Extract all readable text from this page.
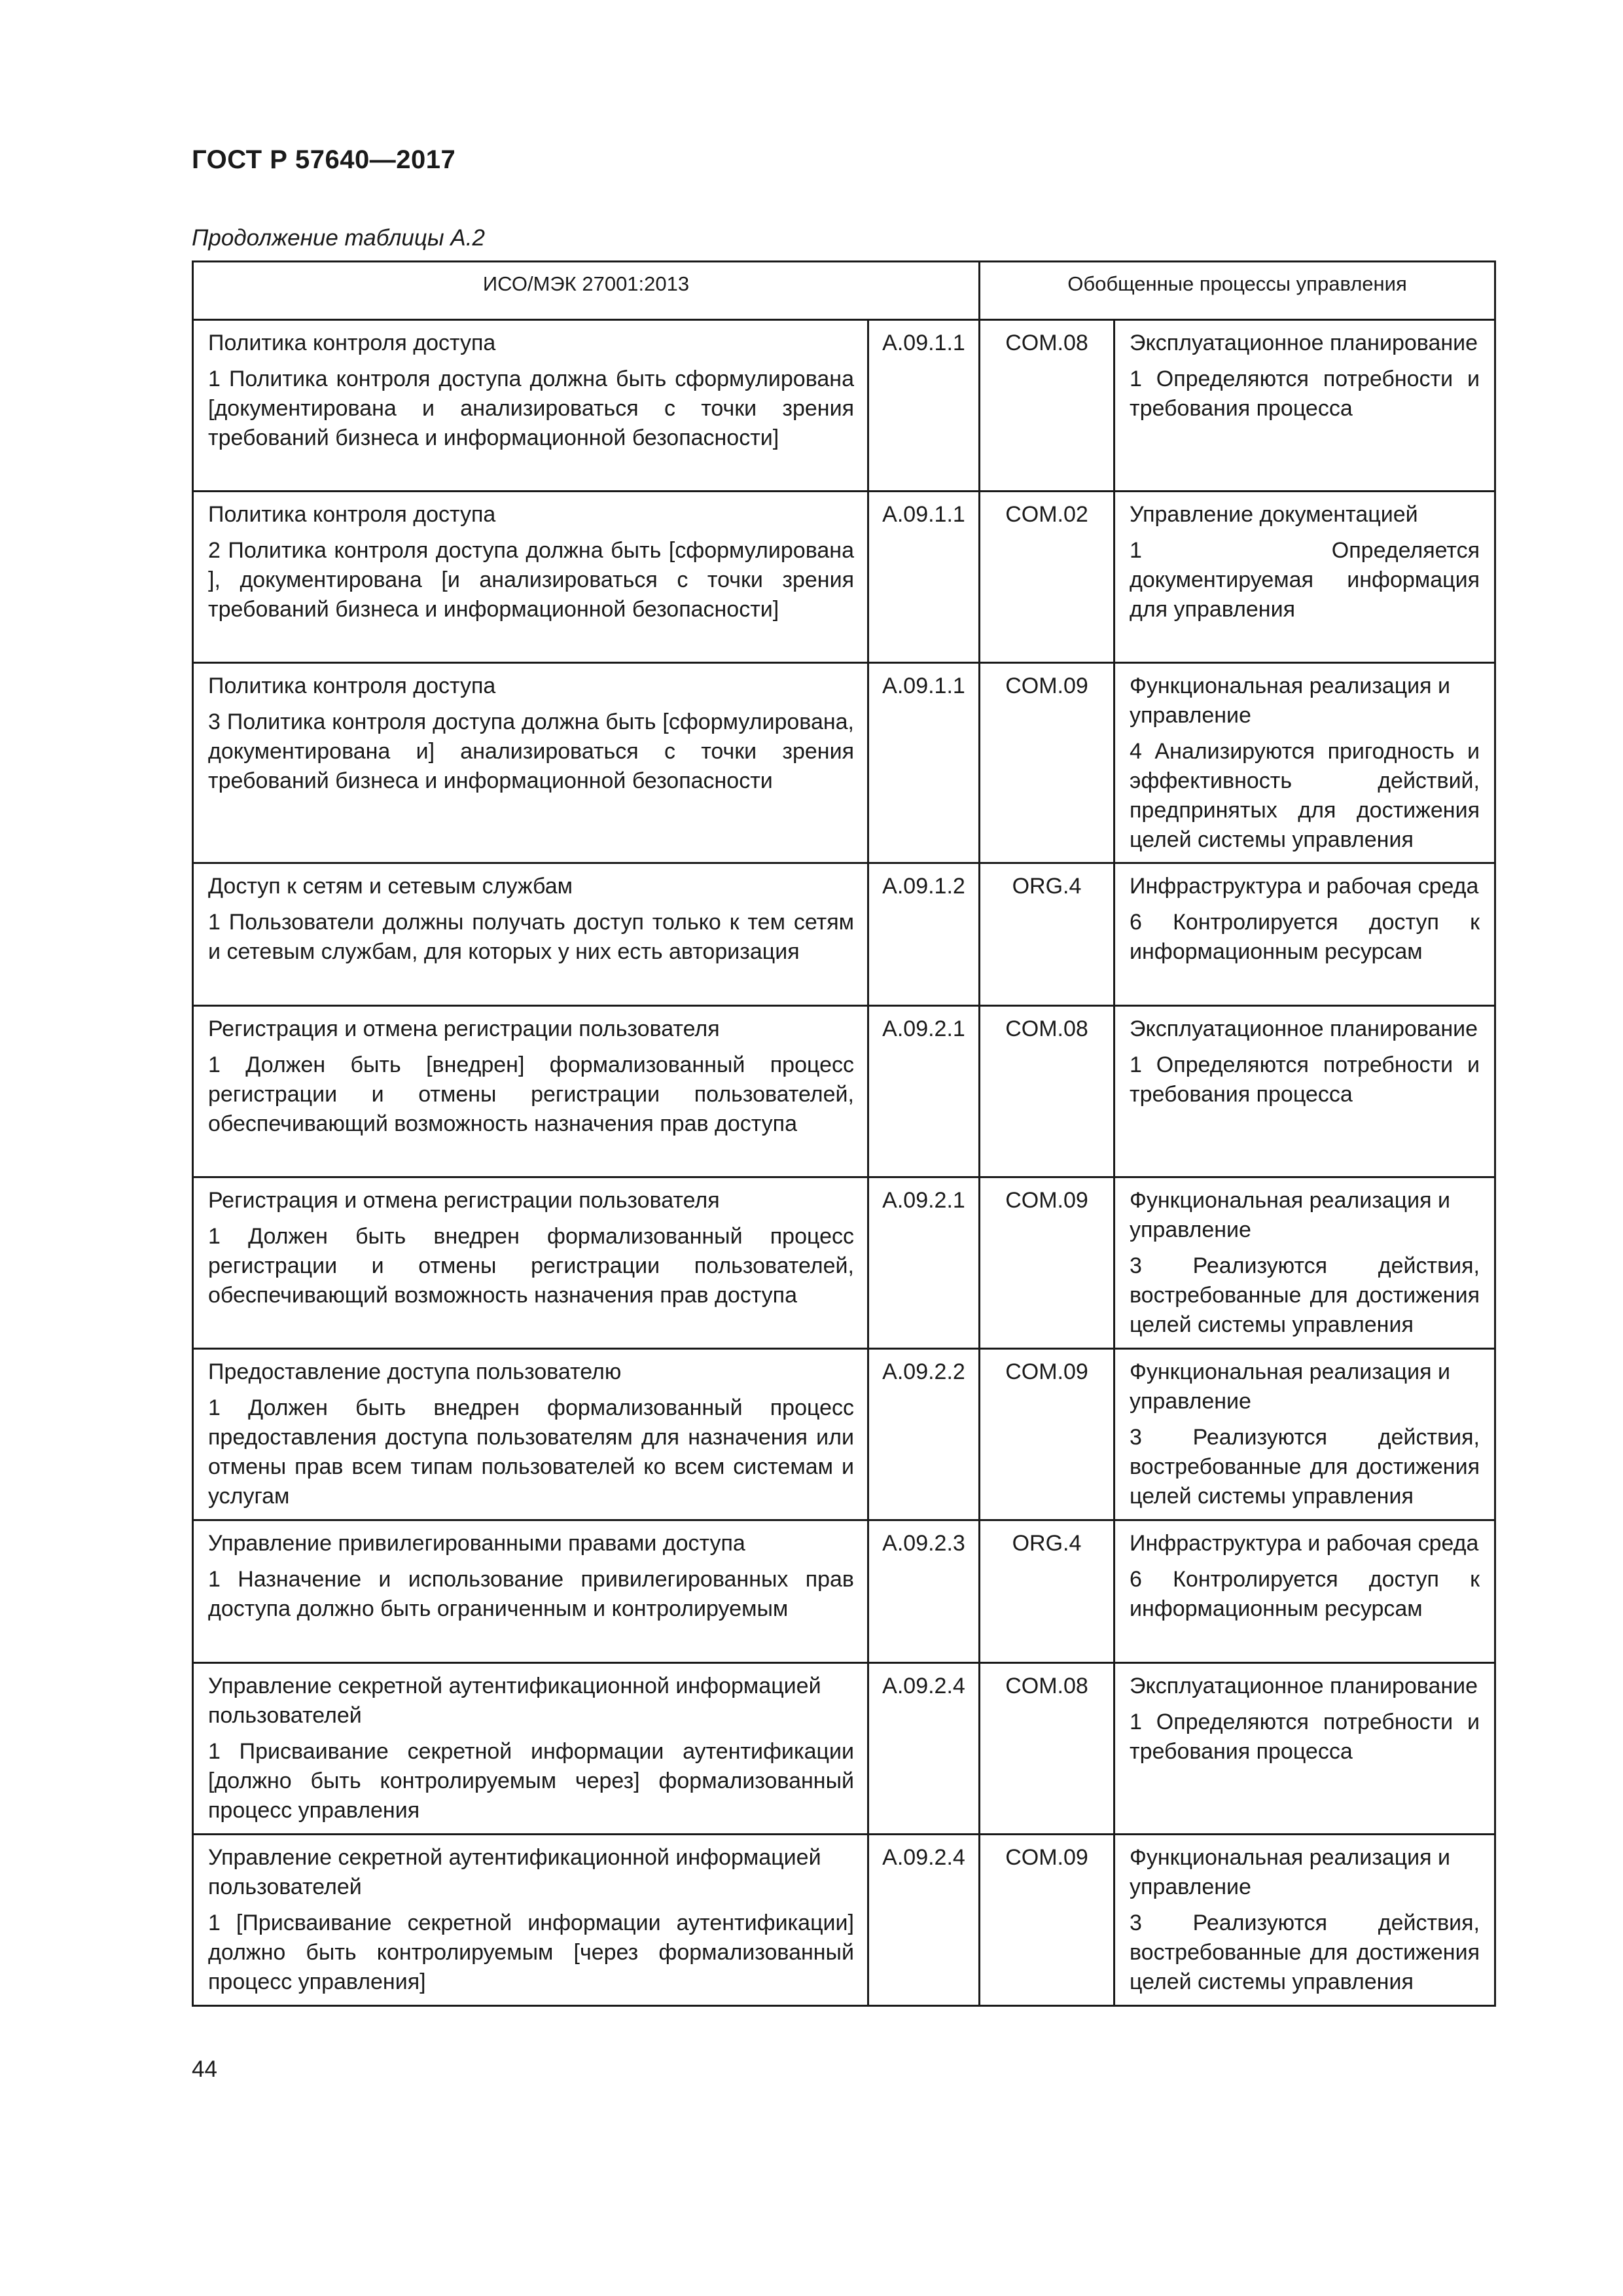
ГОСТ Р 57640—2017
Продолжение таблицы А.2
ИСО/МЭК 27001:2013		Обобщенные процессы управления	

Политика контроля доступа
1 Политика контроля доступа должна быть сформулирована [документирована и анализироваться с точки зрения требований бизнеса и информационной безопасности]	A.09.1.1	COM.08	Эксплуатационное планирование
1 Определяются потребности и требования процесса

Политика контроля доступа
2 Политика контроля доступа должна быть [сформулирована ], документирована [и анализироваться с точки зрения требований бизнеса и информационной безопасности]	A.09.1.1	COM.02	Управление документацией
1 Определяется документируемая информация для управления

Политика контроля доступа
3 Политика контроля доступа должна быть [сформулирована, документирована и] анализироваться с точки зрения требований бизнеса и информационной безопасности	A.09.1.1	COM.09	Функциональная реализация и управление
4 Анализируются пригодность и эффективность действий, предпринятых для достижения целей системы управления

Доступ к сетям и сетевым службам
1 Пользователи должны получать доступ только к тем сетям и сетевым службам, для которых у них есть авторизация	A.09.1.2	ORG.4	Инфраструктура и рабочая среда
6 Контролируется доступ к информационным ресурсам

Регистрация и отмена регистрации пользователя
1 Должен быть [внедрен] формализованный процесс регистрации и отмены регистрации пользователей, обеспечивающий возможность назначения прав доступа	A.09.2.1	COM.08	Эксплуатационное планирование
1 Определяются потребности и требования процесса

Регистрация и отмена регистрации пользователя
1 Должен быть внедрен формализованный процесс регистрации и отмены регистрации пользователей, обеспечивающий возможность назначения прав доступа	A.09.2.1	COM.09	Функциональная реализация и управление
3 Реализуются действия, востребованные для достижения целей системы управления

Предоставление доступа пользователю
1 Должен быть внедрен формализованный процесс предоставления доступа пользователям для назначения или отмены прав всем типам пользователей ко всем системам и услугам	A.09.2.2	COM.09	Функциональная реализация и управление
3 Реализуются действия, востребованные для достижения целей системы управления

Управление привилегированными правами доступа
1 Назначение и использование привилегированных прав доступа должно быть ограниченным и контролируемым	A.09.2.3	ORG.4	Инфраструктура и рабочая среда
6 Контролируется доступ к информационным ресурсам

Управление секретной аутентификационной информацией пользователей
1 Присваивание секретной информации аутентификации [должно быть контролируемым через] формализованный процесс управления	A.09.2.4	COM.08	Эксплуатационное планирование
1 Определяются потребности и требования процесса

Управление секретной аутентификационной информацией пользователей
1 [Присваивание секретной информации аутентификации] должно быть контролируемым [через формализованный процесс управления]	A.09.2.4	COM.09	Функциональная реализация и управление
3 Реализуются действия, востребованные для достижения целей системы управления
44
